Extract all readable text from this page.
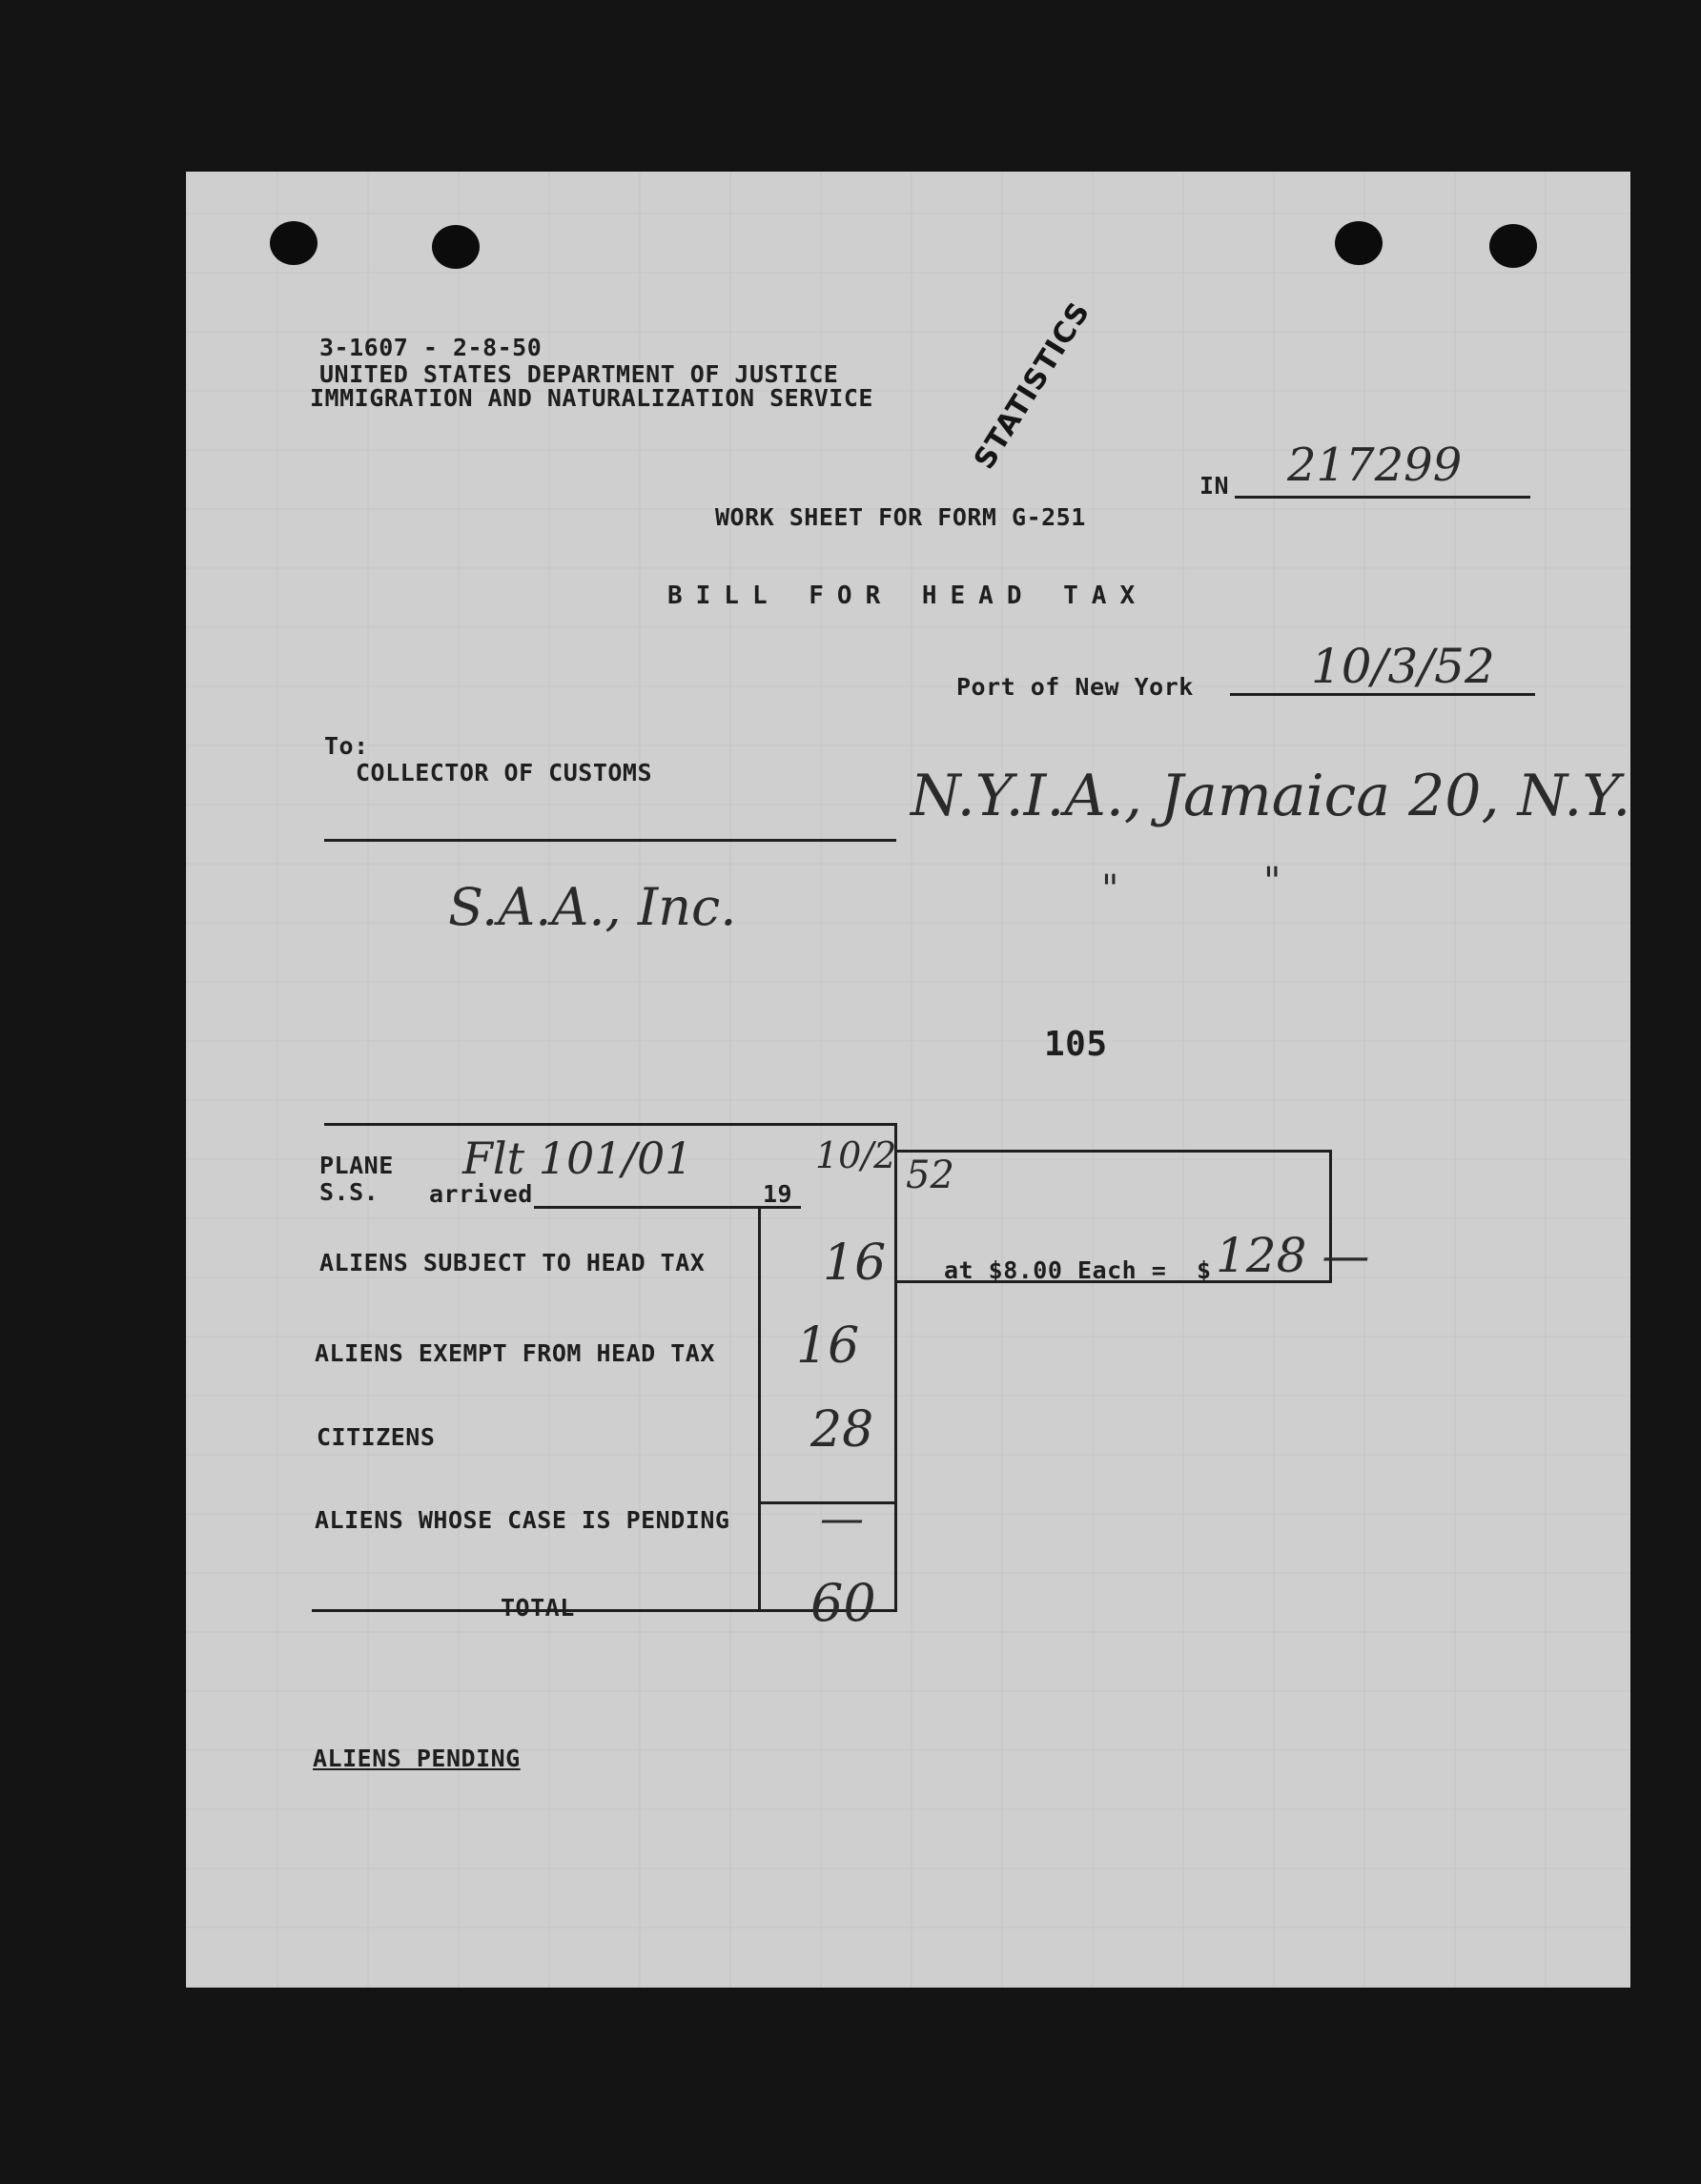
3-1607 - 2-8-50
UNITED STATES DEPARTMENT OF JUSTICE
IMMIGRATION AND NATURALIZATION SERVICE	STATISTICS
IN 217299
WORK SHEET FOR FORM G-251
BILL FOR HEAD TAX
Port of New York 10/3/52
To:
COLLECTOR OF CUSTOMS	N.Y.I.A., Jamaica 20, N.Y.
"	"
S.A.A., Inc.
105
PLANE
S.S. arrived	19
Flt 101/01	10/2 52
ALIENS SUBJECT TO HEAD TAX 16 at $8.00 Each = $ 128 —
ALIENS EXEMPT FROM HEAD TAX 16
CITIZENS	28
ALIENS WHOSE CASE IS PENDING —
TOTAL	60
ALIENS PENDING
